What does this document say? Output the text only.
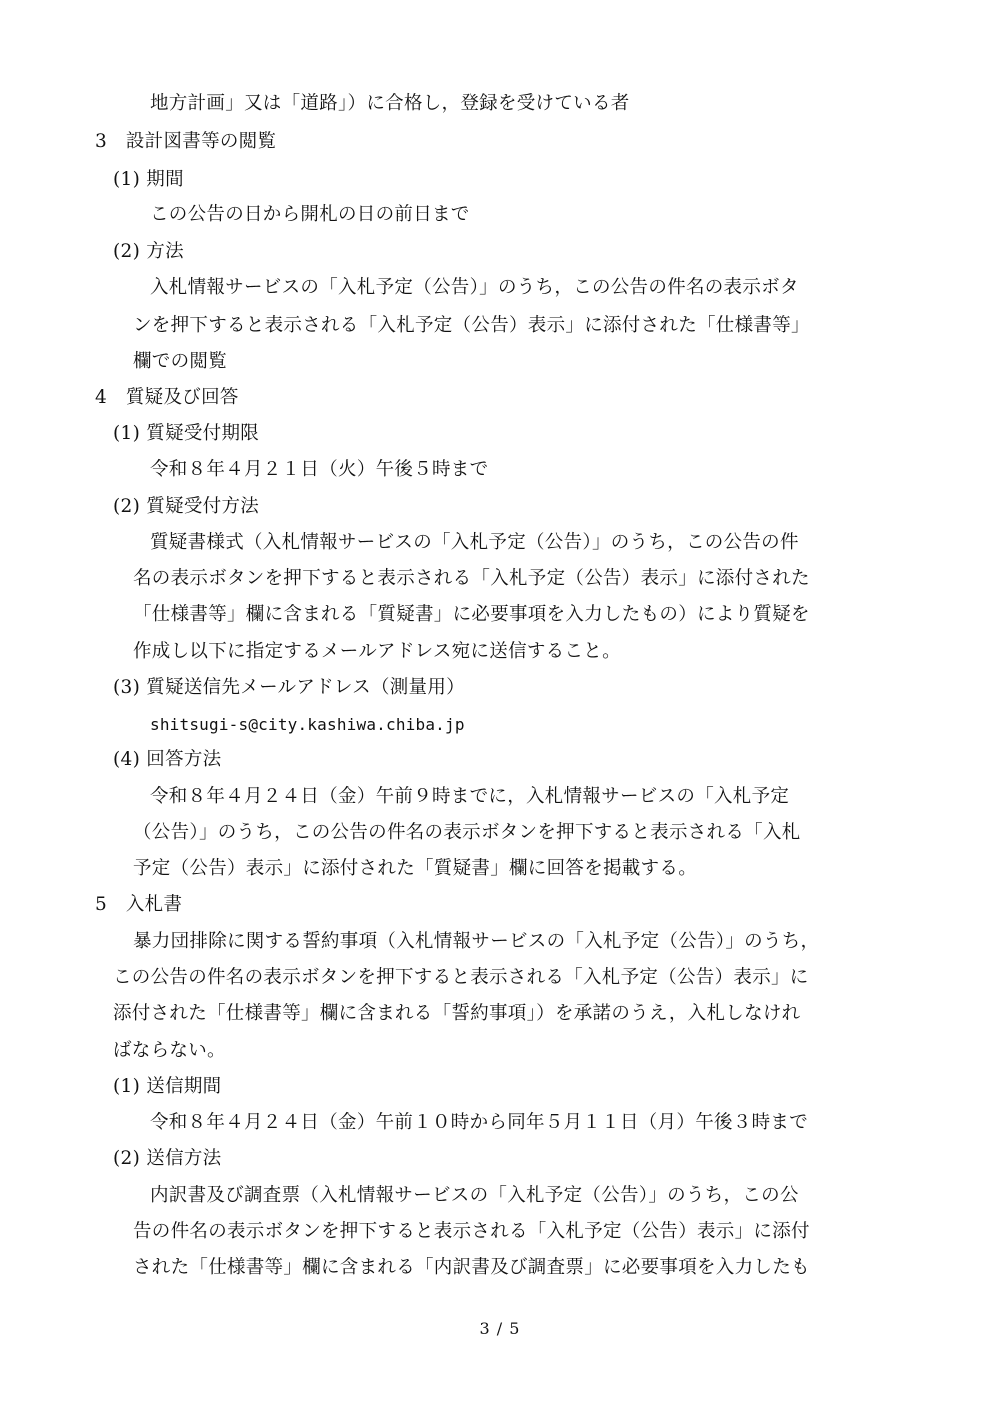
地方計画」又は「道路」）に合格し，登録を受けている者
3　設計図書等の閲覧
(1) 期間
この公告の日から開札の日の前日まで
(2) 方法
入札情報サービスの「入札予定（公告）」のうち，この公告の件名の表示ボタ
ンを押下すると表示される「入札予定（公告）表示」に添付された「仕様書等」
欄での閲覧
4　質疑及び回答
(1) 質疑受付期限
令和８年４月２１日（火）午後５時まで
(2) 質疑受付方法
質疑書様式（入札情報サービスの「入札予定（公告）」のうち，この公告の件
名の表示ボタンを押下すると表示される「入札予定（公告）表示」に添付された
「仕様書等」欄に含まれる「質疑書」に必要事項を入力したもの）により質疑を
作成し以下に指定するメールアドレス宛に送信すること。
(3) 質疑送信先メールアドレス（測量用）
shitsugi-s@city.kashiwa.chiba.jp
(4) 回答方法
令和８年４月２４日（金）午前９時までに，入札情報サービスの「入札予定
（公告）」のうち，この公告の件名の表示ボタンを押下すると表示される「入札
予定（公告）表示」に添付された「質疑書」欄に回答を掲載する。
5　入札書
暴力団排除に関する誓約事項（入札情報サービスの「入札予定（公告）」のうち，
この公告の件名の表示ボタンを押下すると表示される「入札予定（公告）表示」に
添付された「仕様書等」欄に含まれる「誓約事項」）を承諾のうえ，入札しなけれ
ばならない。
(1) 送信期間
令和８年４月２４日（金）午前１０時から同年５月１１日（月）午後３時まで
(2) 送信方法
内訳書及び調査票（入札情報サービスの「入札予定（公告）」のうち，この公
告の件名の表示ボタンを押下すると表示される「入札予定（公告）表示」に添付
された「仕様書等」欄に含まれる「内訳書及び調査票」に必要事項を入力したも
3 / 5
